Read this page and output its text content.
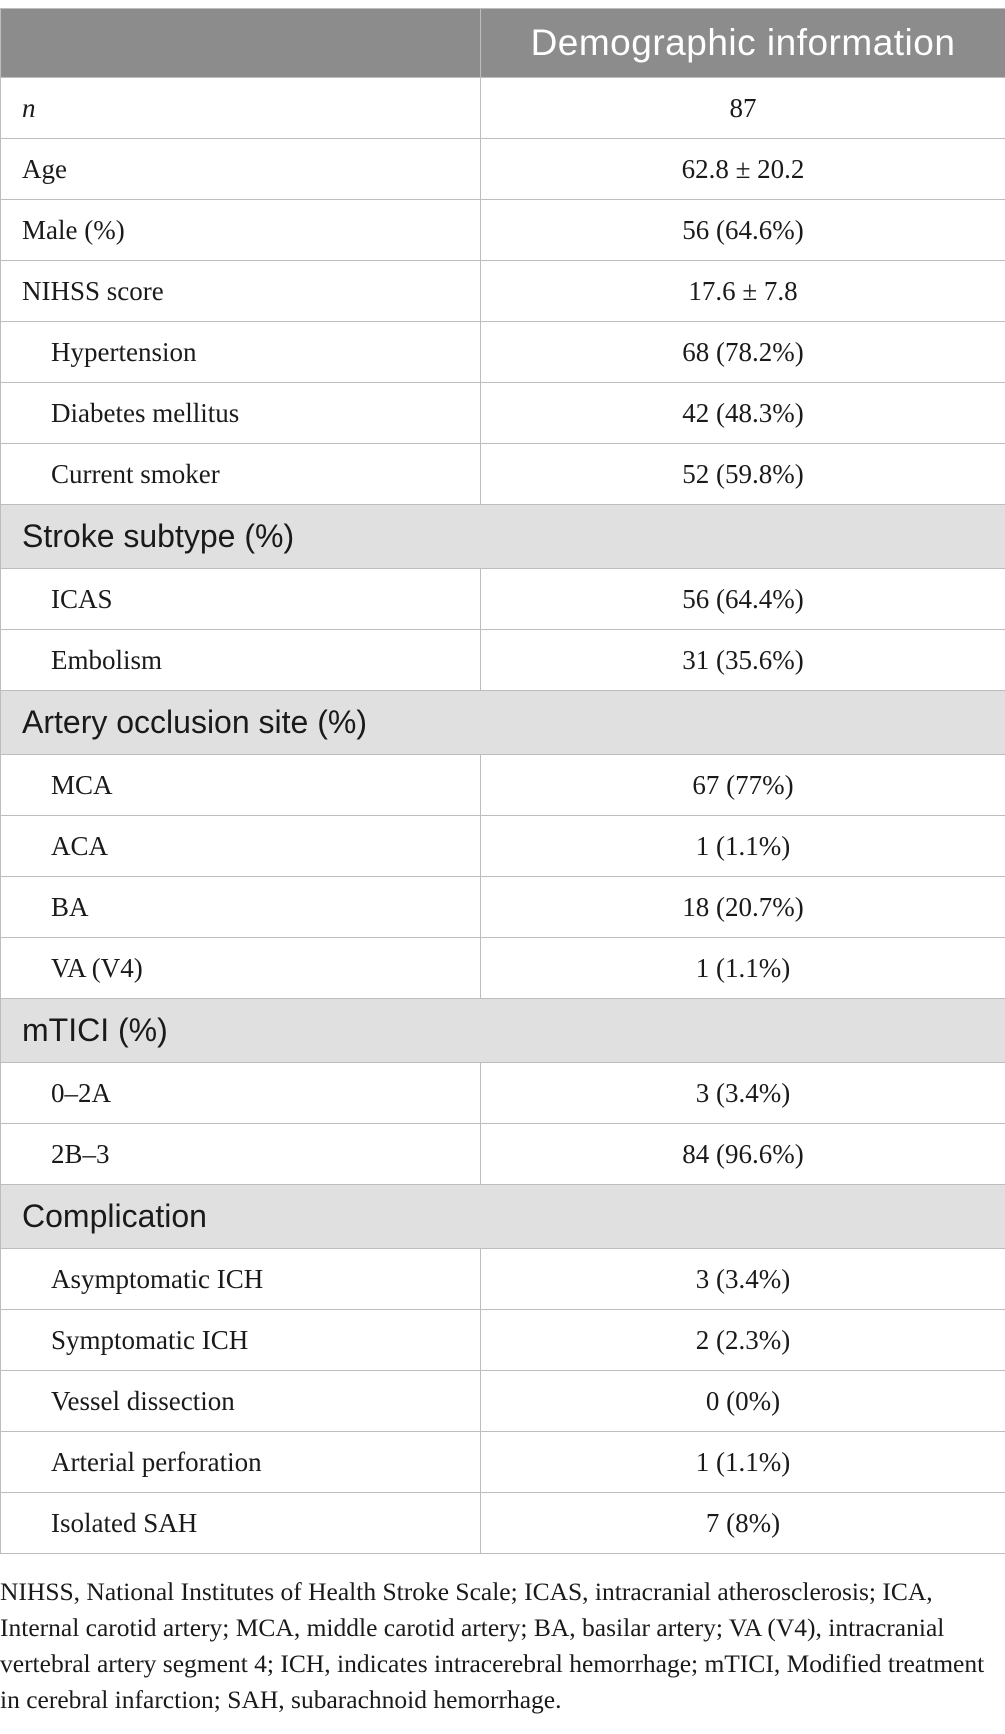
	Demographic information
n	87
Age	62.8 ± 20.2
Male (%)	56 (64.6%)
NIHSS score	17.6 ± 7.8
Hypertension	68 (78.2%)
Diabetes mellitus	42 (48.3%)
Current smoker	52 (59.8%)
Stroke subtype (%)	
ICAS	56 (64.4%)
Embolism	31 (35.6%)
Artery occlusion site (%)	
MCA	67 (77%)
ACA	1 (1.1%)
BA	18 (20.7%)
VA (V4)	1 (1.1%)
mTICI (%)	
0–2A	3 (3.4%)
2B–3	84 (96.6%)
Complication	
Asymptomatic ICH	3 (3.4%)
Symptomatic ICH	2 (2.3%)
Vessel dissection	0 (0%)
Arterial perforation	1 (1.1%)
Isolated SAH	7 (8%)
NIHSS, National Institutes of Health Stroke Scale; ICAS, intracranial atherosclerosis; ICA, Internal carotid artery; MCA, middle carotid artery; BA, basilar artery; VA (V4), intracranial vertebral artery segment 4; ICH, indicates intracerebral hemorrhage; mTICI, Modified treatment in cerebral infarction; SAH, subarachnoid hemorrhage.
